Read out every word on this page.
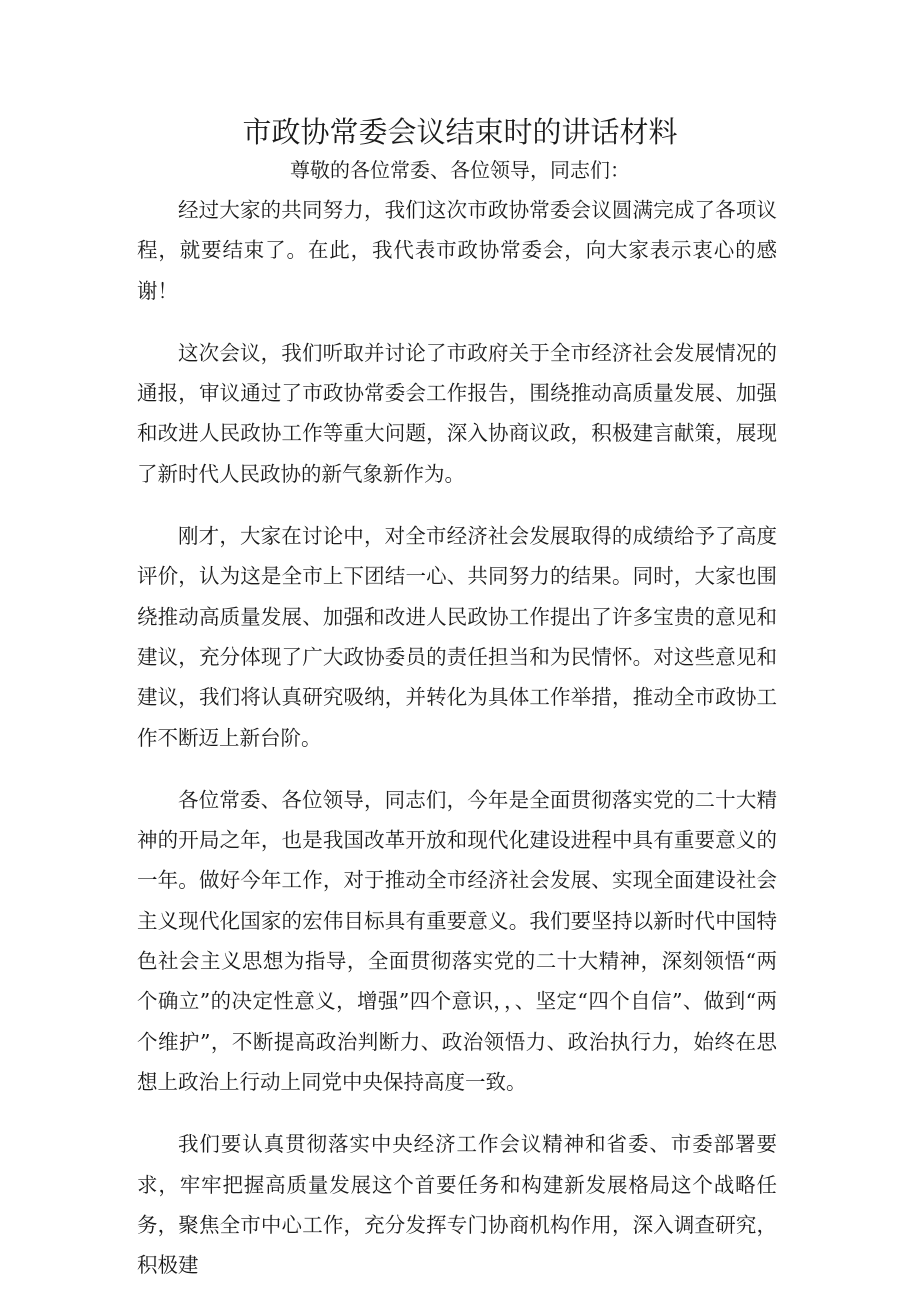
市政协常委会议结束时的讲话材料
尊敬的各位常委、各位领导，同志们：

经过大家的共同努力，我们这次市政协常委会议圆满完成了各项议程，就要结束了。在此，我代表市政协常委会，向大家表示衷心的感谢！

这次会议，我们听取并讨论了市政府关于全市经济社会发展情况的通报，审议通过了市政协常委会工作报告，围绕推动高质量发展、加强和改进人民政协工作等重大问题，深入协商议政，积极建言献策，展现了新时代人民政协的新气象新作为。

刚才，大家在讨论中，对全市经济社会发展取得的成绩给予了高度评价，认为这是全市上下团结一心、共同努力的结果。同时，大家也围绕推动高质量发展、加强和改进人民政协工作提出了许多宝贵的意见和建议，充分体现了广大政协委员的责任担当和为民情怀。对这些意见和建议，我们将认真研究吸纳，并转化为具体工作举措，推动全市政协工作不断迈上新台阶。

各位常委、各位领导，同志们，今年是全面贯彻落实党的二十大精神的开局之年，也是我国改革开放和现代化建设进程中具有重要意义的一年。做好今年工作，对于推动全市经济社会发展、实现全面建设社会主义现代化国家的宏伟目标具有重要意义。我们要坚持以新时代中国特色社会主义思想为指导，全面贯彻落实党的二十大精神，深刻领悟“两个确立”的决定性意义，增强”四个意识，，、坚定“四个自信”、做到“两个维护”，不断提高政治判断力、政治领悟力、政治执行力，始终在思想上政治上行动上同党中央保持高度一致。

我们要认真贯彻落实中央经济工作会议精神和省委、市委部署要求，牢牢把握高质量发展这个首要任务和构建新发展格局这个战略任务，聚焦全市中心工作，充分发挥专门协商机构作用，深入调查研究，积极建
